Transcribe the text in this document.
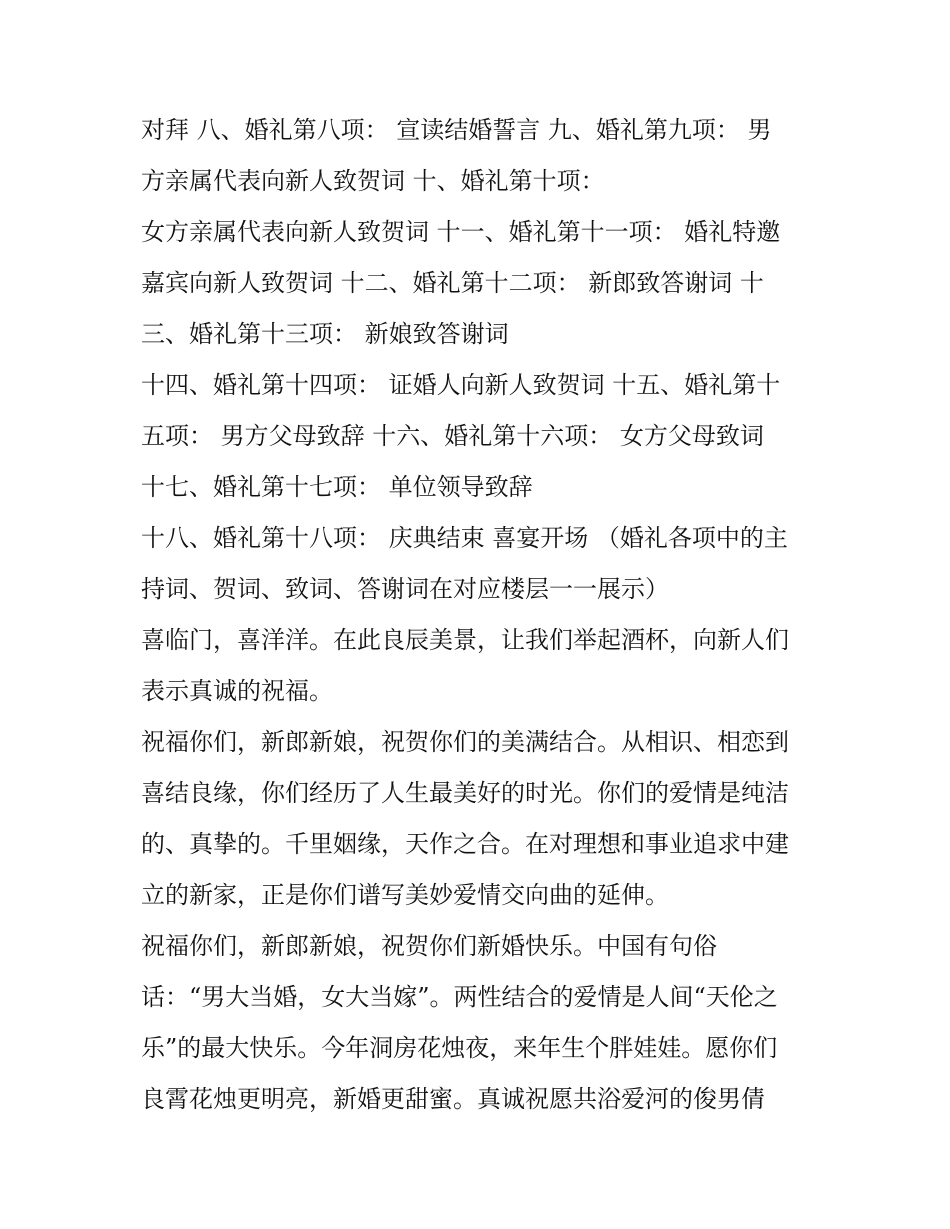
对拜 八、婚礼第八项： 宣读结婚誓言 九、婚礼第九项： 男
方亲属代表向新人致贺词 十、婚礼第十项：
女方亲属代表向新人致贺词 十一、婚礼第十一项： 婚礼特邀
嘉宾向新人致贺词 十二、婚礼第十二项： 新郎致答谢词 十
三、婚礼第十三项： 新娘致答谢词
十四、婚礼第十四项： 证婚人向新人致贺词 十五、婚礼第十
五项： 男方父母致辞 十六、婚礼第十六项： 女方父母致词
十七、婚礼第十七项： 单位领导致辞
十八、婚礼第十八项： 庆典结束 喜宴开场 （婚礼各项中的主
持词、贺词、致词、答谢词在对应楼层一一展示）
喜临门，喜洋洋。在此良辰美景，让我们举起酒杯，向新人们
表示真诚的祝福。
祝福你们，新郎新娘，祝贺你们的美满结合。从相识、相恋到
喜结良缘，你们经历了人生最美好的时光。你们的爱情是纯洁
的、真挚的。千里姻缘，天作之合。在对理想和事业追求中建
立的新家，正是你们谱写美妙爱情交向曲的延伸。
祝福你们，新郎新娘，祝贺你们新婚快乐。中国有句俗
话：“男大当婚，女大当嫁”。两性结合的爱情是人间“天伦之
乐”的最大快乐。今年洞房花烛夜，来年生个胖娃娃。愿你们
良霄花烛更明亮，新婚更甜蜜。真诚祝愿共浴爱河的俊男倩
